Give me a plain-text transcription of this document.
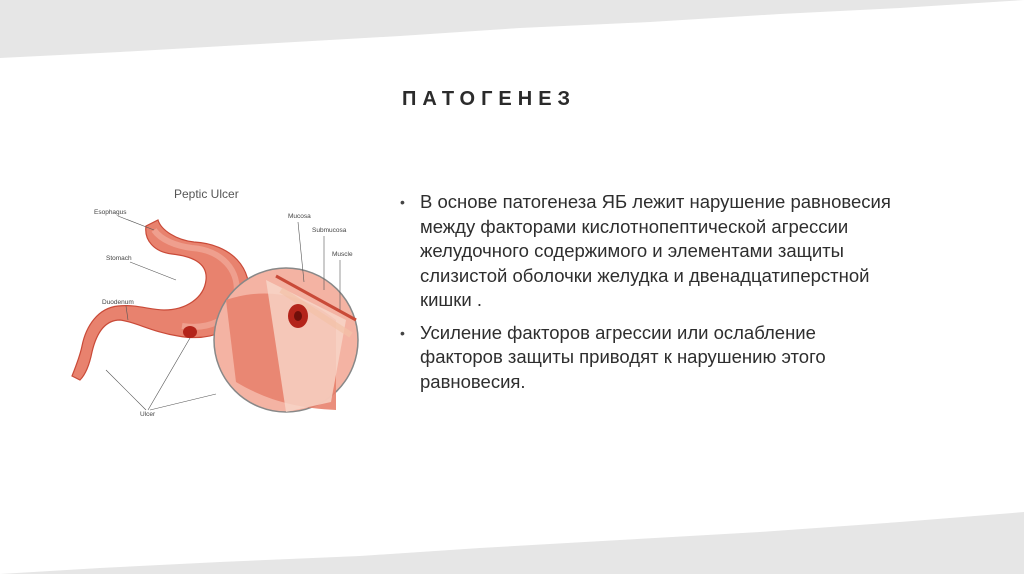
ПАТОГЕНЕЗ
Peptic Ulcer
Esophagus
Stomach
Duodenum
Ulcer
Mucosa
Submucosa
Muscle
• В основе патогенеза ЯБ лежит нарушение равновесия между факторами кислотнопептической агрессии желудочного содержимого и элементами защиты слизистой оболочки желудка и двенадцатиперстной кишки .
• Усиление факторов агрессии или ослабление факторов защиты приводят к нарушению этого равновесия.
